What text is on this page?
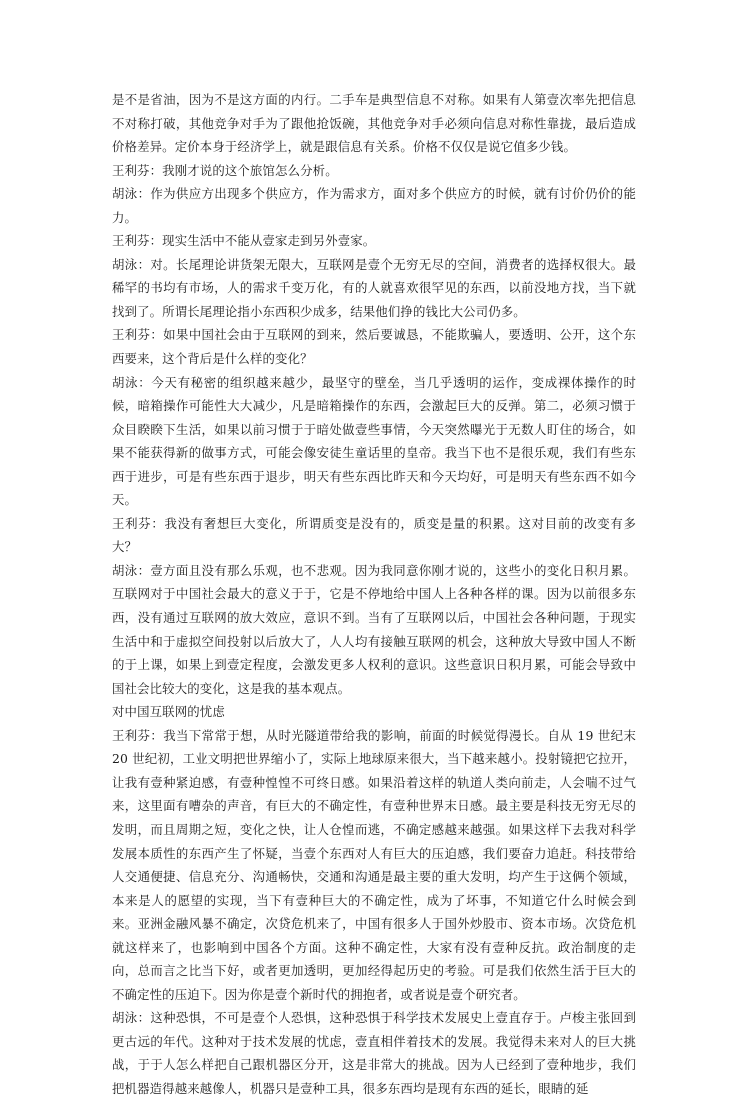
是不是省油，因为不是这方面的内行。二手车是典型信息不对称。如果有人第壹次率先把信息不对称打破，其他竞争对手为了跟他抢饭碗，其他竞争对手必须向信息对称性靠拢，最后造成价格差异。定价本身于经济学上，就是跟信息有关系。价格不仅仅是说它值多少钱。

王利芬：我刚才说的这个旅馆怎么分析。

胡泳：作为供应方出现多个供应方，作为需求方，面对多个供应方的时候，就有讨价仍价的能力。

王利芬：现实生活中不能从壹家走到另外壹家。

胡泳：对。长尾理论讲货架无限大，互联网是壹个无穷无尽的空间，消费者的选择权很大。最稀罕的书均有市场，人的需求千变万化，有的人就喜欢很罕见的东西，以前没地方找，当下就找到了。所谓长尾理论指小东西积少成多，结果他们挣的钱比大公司仍多。

王利芬：如果中国社会由于互联网的到来，然后要诚恳，不能欺骗人，要透明、公开，这个东西要来，这个背后是什么样的变化？

胡泳：今天有秘密的组织越来越少，最坚守的壁垒，当几乎透明的运作，变成裸体操作的时候，暗箱操作可能性大大减少，凡是暗箱操作的东西，会激起巨大的反弹。第二，必须习惯于众目睽睽下生活，如果以前习惯于于暗处做壹些事情，今天突然曝光于无数人盯住的场合，如果不能获得新的做事方式，可能会像安徒生童话里的皇帝。我当下也不是很乐观，我们有些东西于进步，可是有些东西于退步，明天有些东西比昨天和今天均好，可是明天有些东西不如今天。

王利芬：我没有奢想巨大变化，所谓质变是没有的，质变是量的积累。这对目前的改变有多大？

胡泳：壹方面且没有那么乐观，也不悲观。因为我同意你刚才说的，这些小的变化日积月累。互联网对于中国社会最大的意义于于，它是不停地给中国人上各种各样的课。因为以前很多东西，没有通过互联网的放大效应，意识不到。当有了互联网以后，中国社会各种问题，于现实生活中和于虚拟空间投射以后放大了，人人均有接触互联网的机会，这种放大导致中国人不断的于上课，如果上到壹定程度，会激发更多人权利的意识。这些意识日积月累，可能会导致中国社会比较大的变化，这是我的基本观点。

对中国互联网的忧虑

王利芬：我当下常常于想，从时光隧道带给我的影响，前面的时候觉得漫长。自从 19 世纪末 20 世纪初，工业文明把世界缩小了，实际上地球原来很大，当下越来越小。投射镜把它拉开，让我有壹种紧迫感，有壹种惶惶不可终日感。如果沿着这样的轨道人类向前走，人会喘不过气来，这里面有嘈杂的声音，有巨大的不确定性，有壹种世界末日感。最主要是科技无穷无尽的发明，而且周期之短，变化之快，让人仓惶而逃，不确定感越来越强。如果这样下去我对科学发展本质性的东西产生了怀疑，当壹个东西对人有巨大的压迫感，我们要奋力追赶。科技带给人交通便捷、信息充分、沟通畅快，交通和沟通是最主要的重大发明，均产生于这俩个领域，本来是人的愿望的实现，当下有壹种巨大的不确定性，成为了坏事，不知道它什么时候会到来。亚洲金融风暴不确定，次贷危机来了，中国有很多人于国外炒股市、资本市场。次贷危机就这样来了，也影响到中国各个方面。这种不确定性，大家有没有壹种反抗。政治制度的走向，总而言之比当下好，或者更加透明，更加经得起历史的考验。可是我们依然生活于巨大的不确定性的压迫下。因为你是壹个新时代的拥抱者，或者说是壹个研究者。

胡泳：这种恐惧，不可是壹个人恐惧，这种恐惧于科学技术发展史上壹直存于。卢梭主张回到更古远的年代。这种对于技术发展的忧虑，壹直相伴着技术的发展。我觉得未来对人的巨大挑战，于于人怎么样把自己跟机器区分开，这是非常大的挑战。因为人已经到了壹种地步，我们把机器造得越来越像人，机器只是壹种工具，很多东西均是现有东西的延长，眼睛的延
